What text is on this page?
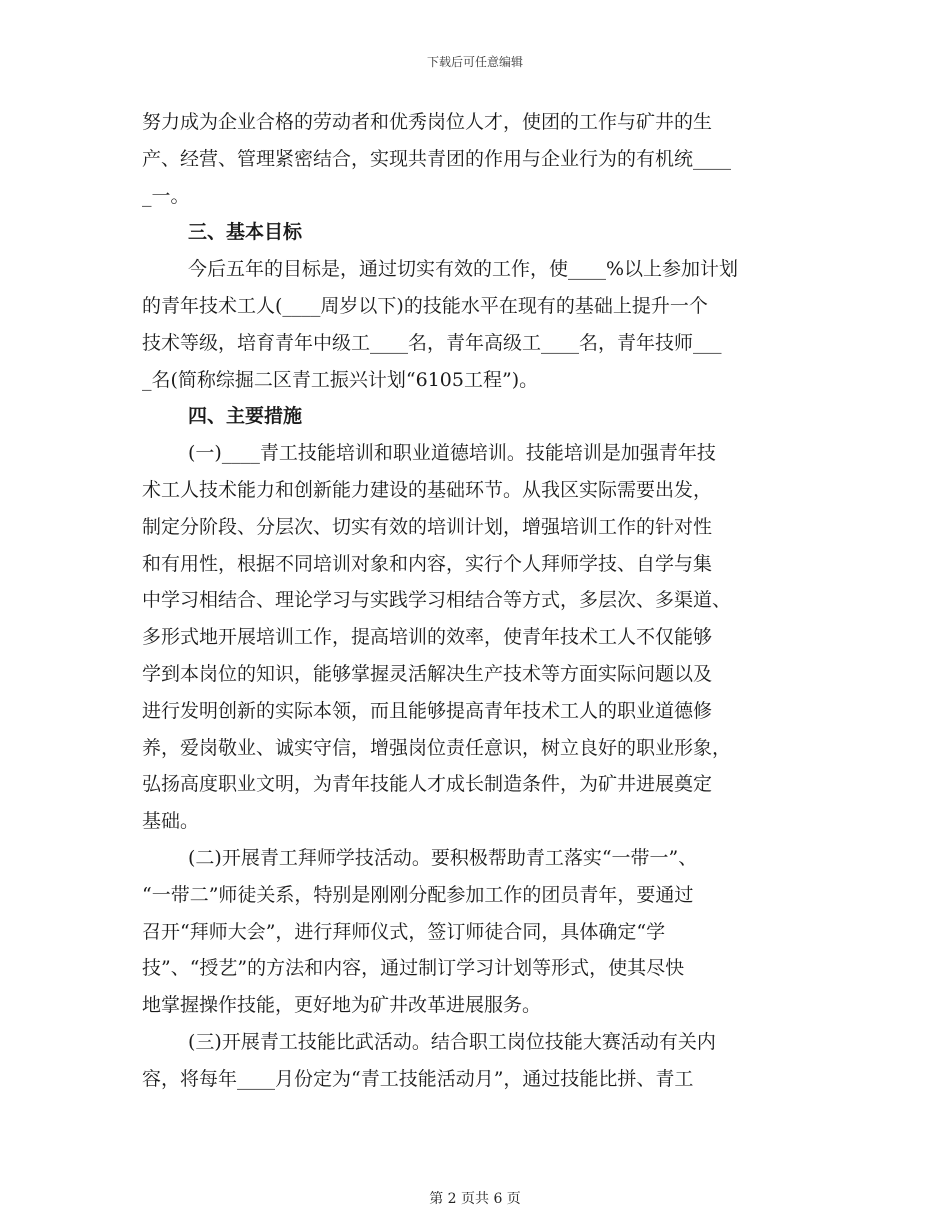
下载后可任意编辑
努力成为企业合格的劳动者和优秀岗位人才，使团的工作与矿井的生
产、经营、管理紧密结合，实现共青团的作用与企业行为的有机统____
_一。
三、基本目标
今后五年的目标是，通过切实有效的工作，使____%以上参加计划
的青年技术工人(____周岁以下)的技能水平在现有的基础上提升一个
技术等级，培育青年中级工____名，青年高级工____名，青年技师___
_名(简称综掘二区青工振兴计划“6105工程”)。
四、主要措施
(一)____青工技能培训和职业道德培训。技能培训是加强青年技
术工人技术能力和创新能力建设的基础环节。从我区实际需要出发，
制定分阶段、分层次、切实有效的培训计划，增强培训工作的针对性
和有用性，根据不同培训对象和内容，实行个人拜师学技、自学与集
中学习相结合、理论学习与实践学习相结合等方式，多层次、多渠道、
多形式地开展培训工作，提高培训的效率，使青年技术工人不仅能够
学到本岗位的知识，能够掌握灵活解决生产技术等方面实际问题以及
进行发明创新的实际本领，而且能够提高青年技术工人的职业道德修
养，爱岗敬业、诚实守信，增强岗位责任意识，树立良好的职业形象，
弘扬高度职业文明，为青年技能人才成长制造条件，为矿井进展奠定
基础。
(二)开展青工拜师学技活动。要积极帮助青工落实“一带一”、
“一带二”师徒关系，特别是刚刚分配参加工作的团员青年，要通过
召开“拜师大会”，进行拜师仪式，签订师徒合同，具体确定“学
技”、“授艺”的方法和内容，通过制订学习计划等形式，使其尽快
地掌握操作技能，更好地为矿井改革进展服务。
(三)开展青工技能比武活动。结合职工岗位技能大赛活动有关内
容，将每年____月份定为“青工技能活动月”，通过技能比拼、青工
第 2 页共 6 页
